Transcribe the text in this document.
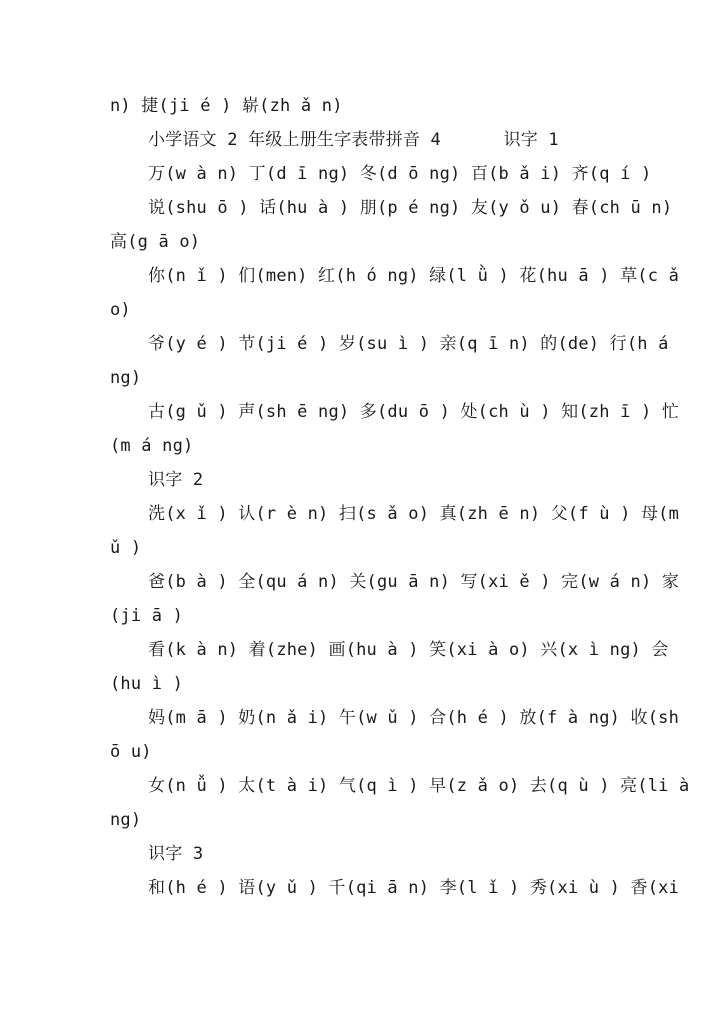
n) 捷(ji é ) 崭(zh ǎ n)
小学语文 2 年级上册生字表带拼音 4      识字 1
万(w à n) 丁(d ī ng) 冬(d ō ng) 百(b ǎ i) 齐(q í )
说(shu ō ) 话(hu à ) 朋(p é ng) 友(y ǒ u) 春(ch ū n)
高(g ā o)
你(n ǐ ) 们(men) 红(h ó ng) 绿(l ǜ ) 花(hu ā ) 草(c ǎ
o)
爷(y é ) 节(ji é ) 岁(su ì ) 亲(q ī n) 的(de) 行(h á
ng)
古(g ǔ ) 声(sh ē ng) 多(du ō ) 处(ch ù ) 知(zh ī ) 忙
(m á ng)
识字 2
洗(x ǐ ) 认(r è n) 扫(s ǎ o) 真(zh ē n) 父(f ù ) 母(m
ǔ )
爸(b à ) 全(qu á n) 关(gu ā n) 写(xi ě ) 完(w á n) 家
(ji ā )
看(k à n) 着(zhe) 画(hu à ) 笑(xi à o) 兴(x ì ng) 会
(hu ì )
妈(m ā ) 奶(n ǎ i) 午(w ǔ ) 合(h é ) 放(f à ng) 收(sh
ō u)
女(n ǚ ) 太(t à i) 气(q ì ) 早(z ǎ o) 去(q ù ) 亮(li à
ng)
识字 3
和(h é ) 语(y ǔ ) 千(qi ā n) 李(l ǐ ) 秀(xi ù ) 香(xi
